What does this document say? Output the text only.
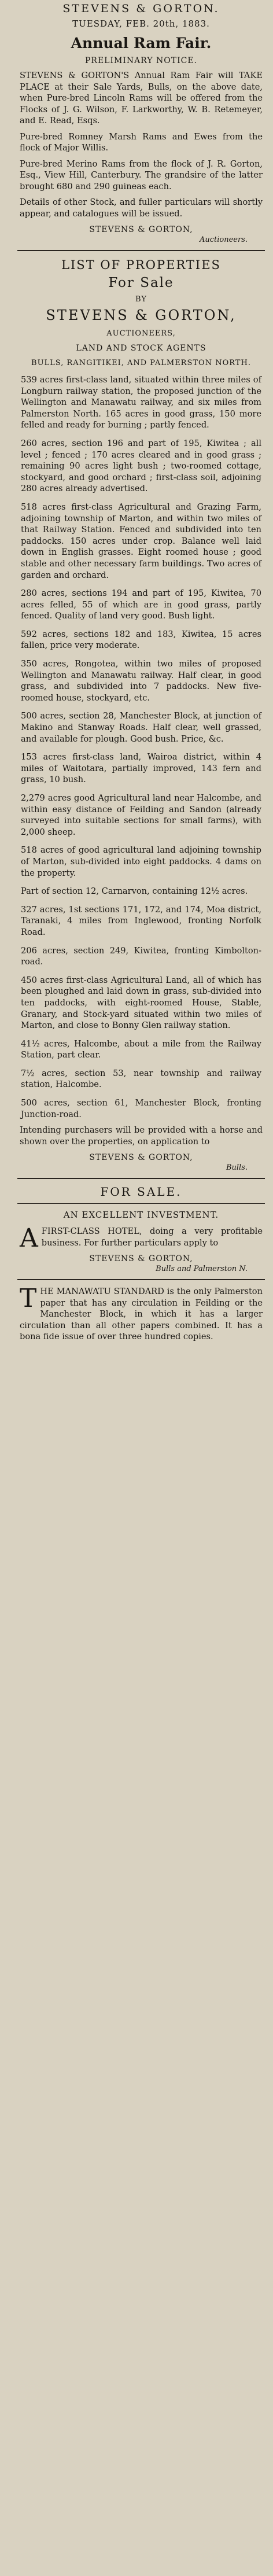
STEVENS & GORTON.
TUESDAY, FEB. 20th, 1883.
Annual Ram Fair.
PRELIMINARY NOTICE.
STEVENS & GORTON'S Annual Ram Fair will TAKE PLACE at their Sale Yards, Bulls, on the above date, when Pure-bred Lincoln Rams will be offered from the Flocks of J. G. Wilson, F. Larkworthy, W. B. Retemeyer, and E. Read, Esqs.
Pure-bred Romney Marsh Rams and Ewes from the flock of Major Willis.
Pure-bred Merino Rams from the flock of J. R. Gorton, Esq., View Hill, Canterbury. The grandsire of the latter brought 680 and 290 guineas each.
Details of other Stock, and fuller particulars will shortly appear, and catalogues will be issued.
STEVENS & GORTON,
Auctioneers.
LIST OF PROPERTIES
For Sale
BY
STEVENS & GORTON,
AUCTIONEERS,
LAND AND STOCK AGENTS
BULLS, RANGITIKEI, AND PALMERSTON NORTH.
539 acres first-class land, situated within three miles of Longburn railway station, the proposed junction of the Wellington and Manawatu railway, and six miles from Palmerston North. 165 acres in good grass, 150 more felled and ready for burning ; partly fenced.
260 acres, section 196 and part of 195, Kiwitea ; all level ; fenced ; 170 acres cleared and in good grass ; remaining 90 acres light bush ; two-roomed cottage, stockyard, and good orchard ; first-class soil, adjoining 280 acres already advertised.
518 acres first-class Agricultural and Grazing Farm, adjoining township of Marton, and within two miles of that Railway Station. Fenced and subdivided into ten paddocks. 150 acres under crop. Balance well laid down in English grasses. Eight roomed house ; good stable and other necessary farm buildings. Two acres of garden and orchard.
280 acres, sections 194 and part of 195, Kiwitea, 70 acres felled, 55 of which are in good grass, partly fenced. Quality of land very good. Bush light.
592 acres, sections 182 and 183, Kiwitea, 15 acres fallen, price very moderate.
350 acres, Rongotea, within two miles of proposed Wellington and Manawatu railway. Half clear, in good grass, and subdivided into 7 paddocks. New five-roomed house, stockyard, etc.
500 acres, section 28, Manchester Block, at junction of Makino and Stanway Roads. Half clear, well grassed, and available for plough. Good bush. Price, &c.
153 acres first-class land, Wairoa district, within 4 miles of Waitotara, partially improved, 143 fern and grass, 10 bush.
2,279 acres good Agricultural land near Halcombe, and within easy distance of Feilding and Sandon (already surveyed into suitable sections for small farms), with 2,000 sheep.
518 acres of good agricultural land adjoining township of Marton, sub-divided into eight paddocks. 4 dams on the property.
Part of section 12, Carnarvon, containing 12½ acres.
327 acres, 1st sections 171, 172, and 174, Moa district, Taranaki, 4 miles from Inglewood, fronting Norfolk Road.
206 acres, section 249, Kiwitea, fronting Kimbolton-road.
450 acres first-class Agricultural Land, all of which has been ploughed and laid down in grass, sub-divided into ten paddocks, with eight-roomed House, Stable, Granary, and Stock-yard situated within two miles of Marton, and close to Bonny Glen railway station.
41½ acres, Halcombe, about a mile from the Railway Station, part clear.
7½ acres, section 53, near township and railway station, Halcombe.
500 acres, section 61, Manchester Block, fronting Junction-road.
Intending purchasers will be provided with a horse and shown over the properties, on application to
STEVENS & GORTON,
Bulls.
FOR SALE.
AN EXCELLENT INVESTMENT.
A FIRST-CLASS HOTEL, doing a very profitable business. For further particulars apply to
STEVENS & GORTON,
Bulls and Palmerston N.
T HE MANAWATU STANDARD is the only Palmerston paper that has any circulation in Feilding or the Manchester Block, in which it has a larger circulation than all other papers combined. It has a bona fide issue of over three hundred copies.
